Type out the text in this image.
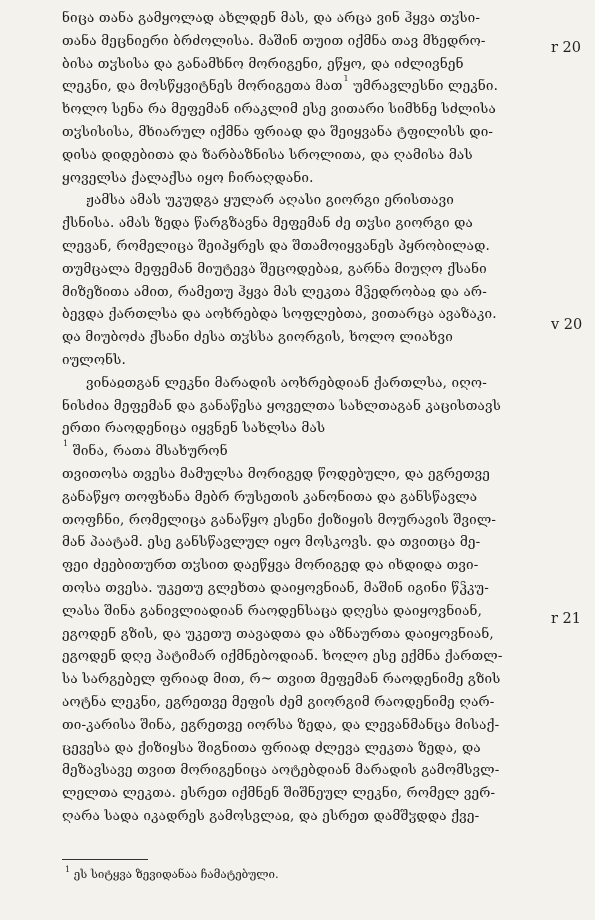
ნიცა თანა გამყოლად ახლდენ მას, და არცა ვინ ჰყვა თჳსი-
თანა მეცნიერი ბრძოლისა. მაშინ თუით იქმნა თავ მხედრო-
ბისა თჳსისა და განამხნო მორიგენი, ეწყო, და იძლივნენ
ლეკნი, და მოსწყვიტნეს მორიგეთა მათ$^1$ უმრავლესნი ლეკნი.
ხოლო სენა რა მეფემან ირაკლიმ ესე ვითარი სიმხნე სძლისა
თჳსისისა, მხიარულ იქმნა ფრიად და შეიყვანა ტფილისს დი-
დისა დიდებითა და ზარბაზნისა სროლითა, და ღამისა მას
ყოველსა ქალაქსა იყო ჩირაღდანი.

ჟამსა ამას უკუდგა ყულარ აღასი გიორგი ერისთავი
ქსნისა. ამას ზედა წარგზავნა მეფემან ძე თჳსი გიორგი და
ლევან, რომელიცა შეიპყრეს და შთამოიყვანეს პყრობილად.
თუმცალა მეფემან მიუტევა შეცოდებაჲ, გარნა მიუღო ქსანი
მიზეზითა ამით, რამეთუ ჰყვა მას ლეკთა მჴედრობაჲ და არ-
ბევდა ქართლსა და აოხრებდა სოფლებთა, ვითარცა ავაზაკი.
და მიუბოძა ქსანი ძესა თჳსსა გიორგის, ხოლო ლიახვი
იულონს.

ვინაჲთგან ლეკნი მარადის აოხრებდიან ქართლსა, იღო-
ნისძია მეფემან და განაწესა ყოველთა სახლთაგან კაცისთავს
ერთი რაოდენიცა იყვნენ სახლსა მას
$^1$ შინა, რათა მსახურონ
თვითოსა თვესა მამულსა მორიგედ წოდებული, და ეგრეთვე
განაწყო თოფხანა მებრ რუსეთის კანონითა და განსწავლა
თოფჩნი, რომელიცა განაწყო ესენი ქიზიყის მოურავის შვილ-
მან პაატამ. ესე განსწავლულ იყო მოსკოვს. და თვითცა მე-
ფეი ძეებითურთ თჳსით დაეწყვა მორიგედ და იხდიდა თვი-
თოსა თვესა. უკეთუ გლეხთა დაიყოვნიან, მაშინ იგინი წჴკუ-
ლასა შინა განივლიადიან რაოდენსაცა დღესა დაიყოვნიან,
ეგოდენ გზის, და უკეთუ თავადთა და აზნაურთა დაიყოვნიან,
ეგოდენ დღე პატიმარ იქმნებოდიან. ხოლო ესე ექმნა ქართლ-
სა სარგებელ ფრიად მით, რ~ თვით მეფემან რაოდენიმე გზის
აოტნა ლეკნი, ეგრეთვე მეფის ძემ გიორგიმ რაოდენიმე ღარ-
თი-კარისა შინა, ეგრეთვე იორსა ზედა, და ლევანმანცა მისაქ-
ცევესა და ქიზიყსა შიგნითა ფრიად ძლევა ლეკთა ზედა, და
მეზავსავე თვით მორიგენიცა აოტებდიან მარადის გამომსვლ-
ლელთა ლეკთა. ესრეთ იქმნენ შიშნეულ ლეკნი, რომელ ვერ-
ღარა სადა იკადრეს გამოსვლაჲ, და ესრეთ დამშჳდდა ქვე-

r 20
v 20
r 21
$^1$ ეს სიტყვა ზევიდანაა ჩამატებული.
